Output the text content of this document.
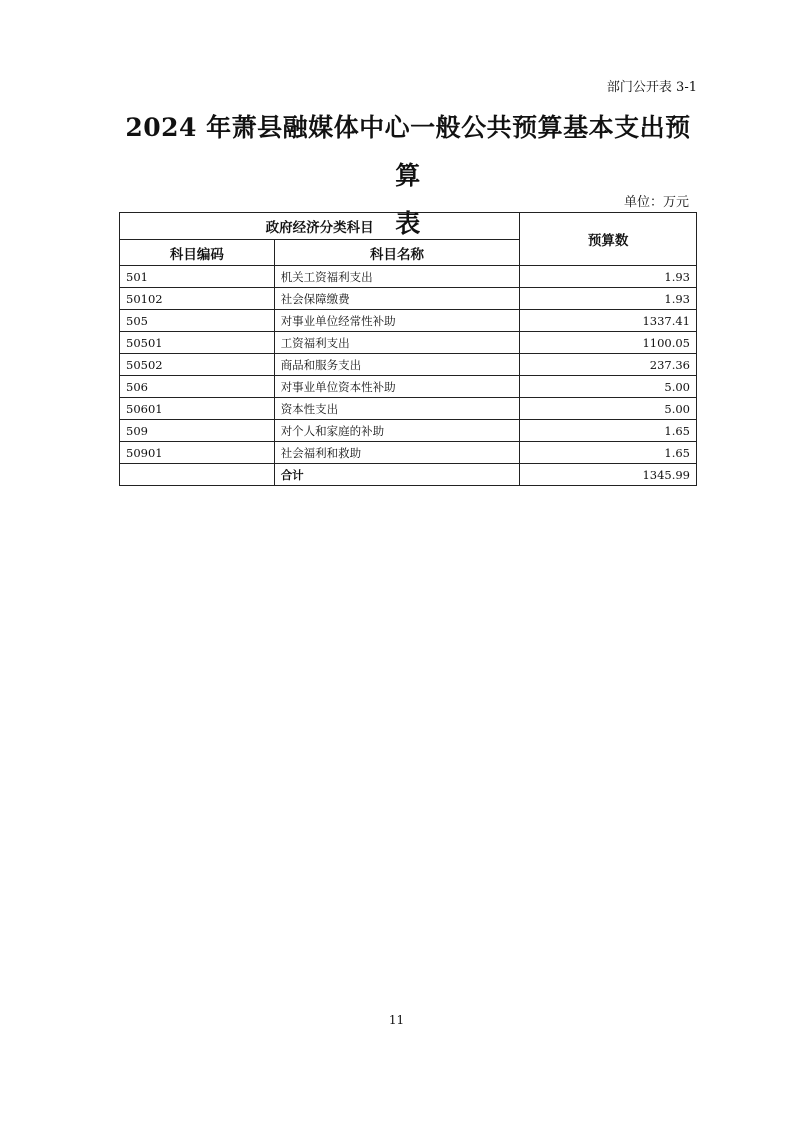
部门公开表 3-1
2024 年萧县融媒体中心一般公共预算基本支出预算
表
单位：万元
政府经济分类科目		预算数
科目编码	科目名称	
501	机关工资福利支出	1.93
50102	社会保障缴费	1.93
505	对事业单位经常性补助	1337.41
50501	工资福利支出	1100.05
50502	商品和服务支出	237.36
506	对事业单位资本性补助	5.00
50601	资本性支出	5.00
509	对个人和家庭的补助	1.65
50901	社会福利和救助	1.65
	合计	1345.99
11
